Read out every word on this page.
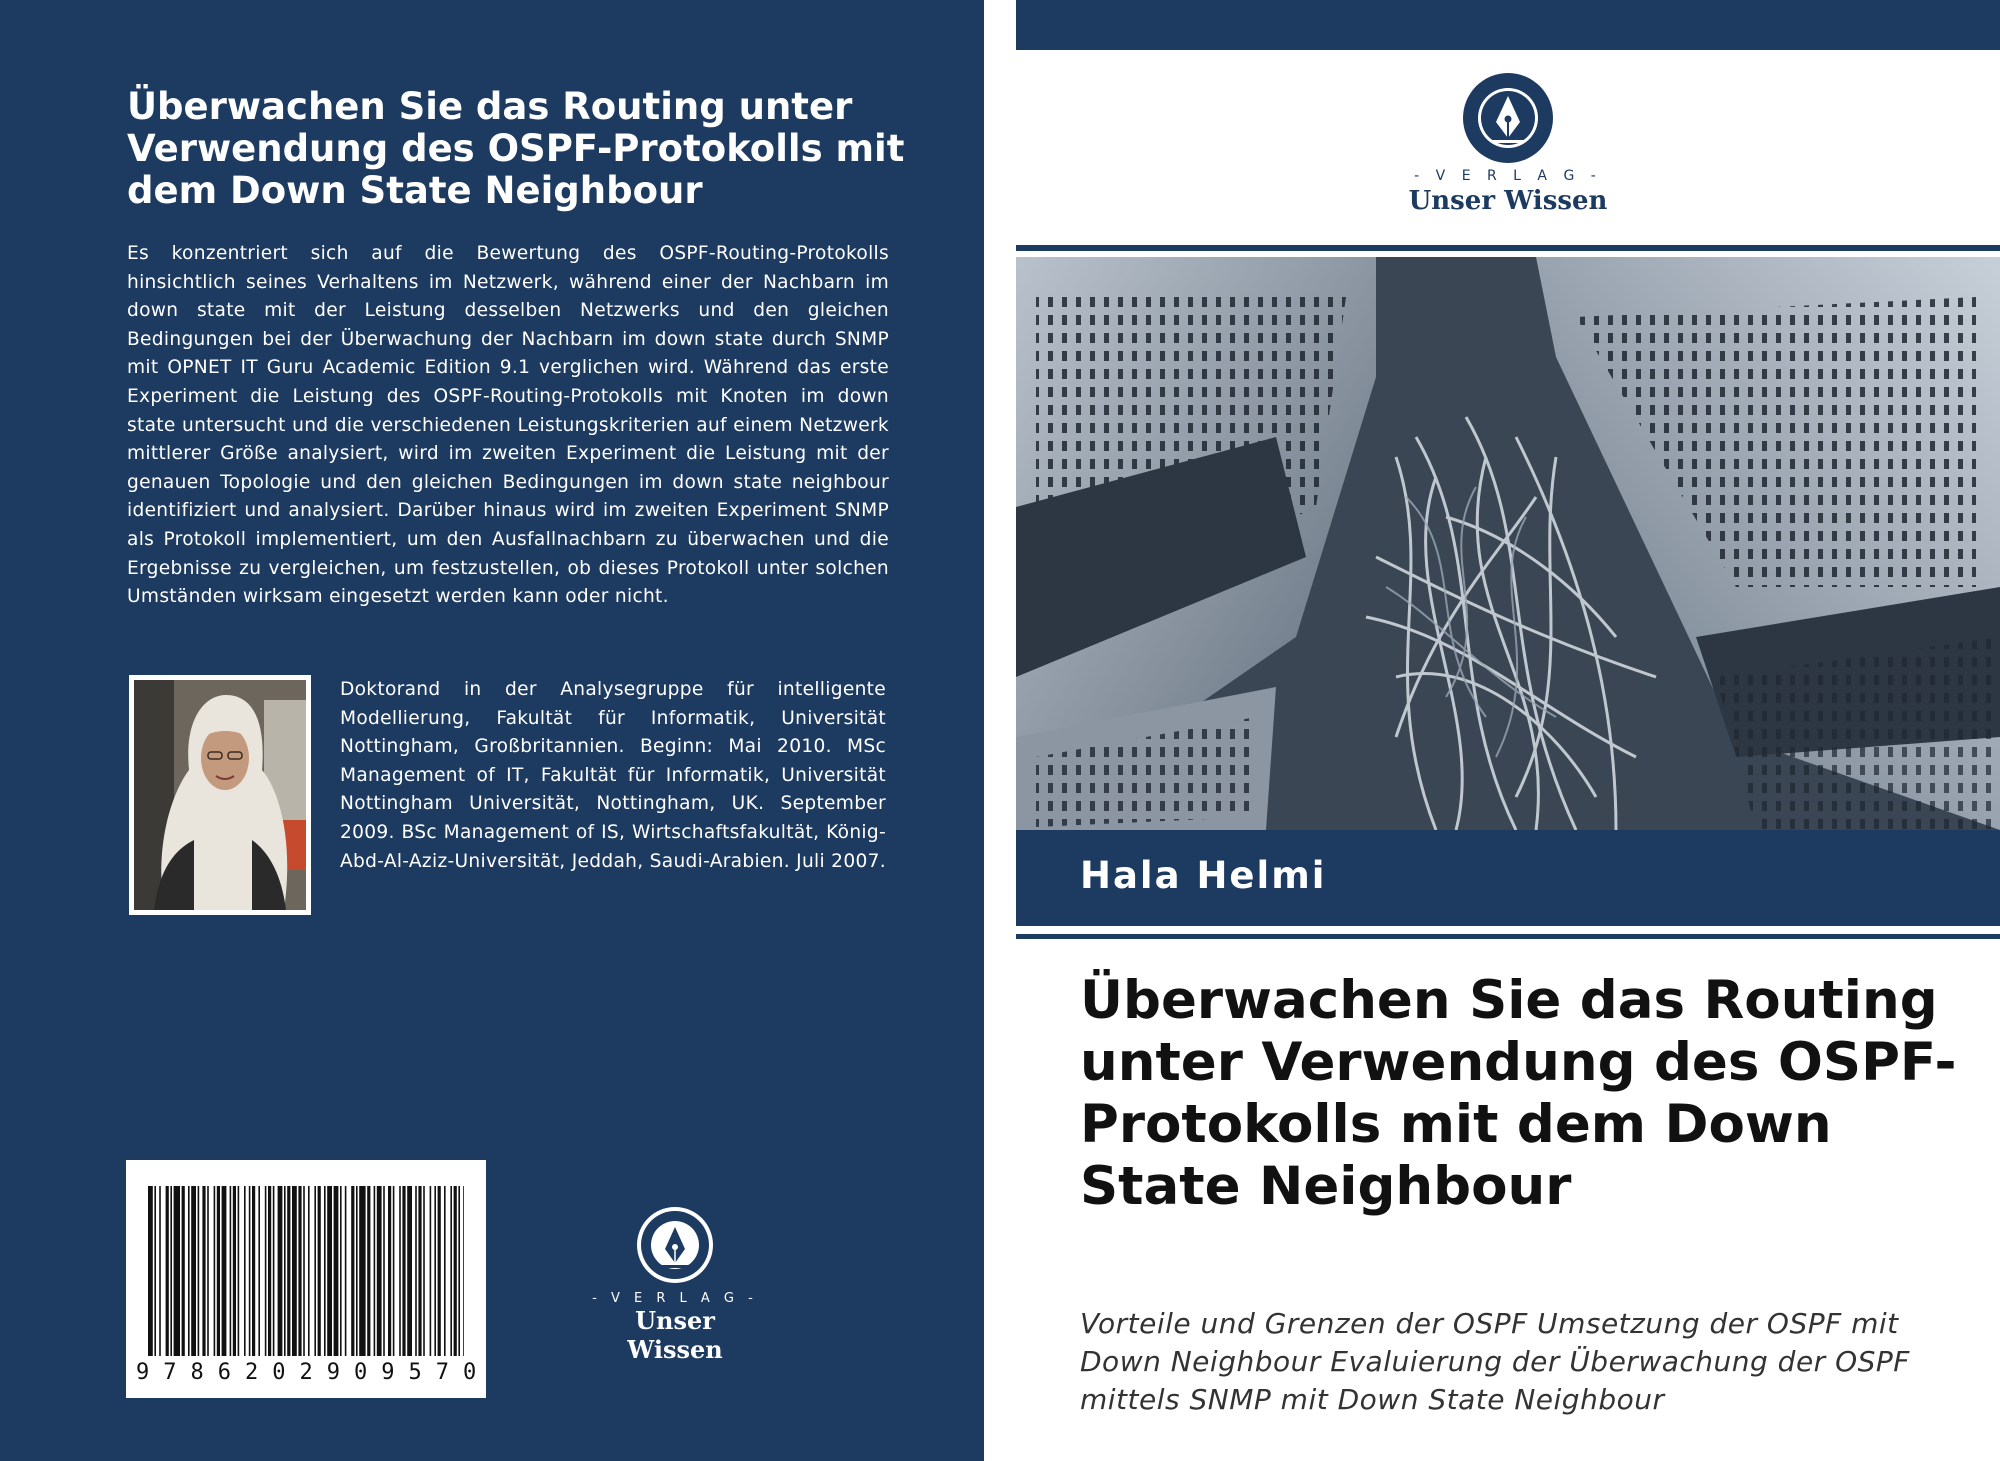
Überwachen Sie das Routing unter Verwendung des OSPF-Protokolls mit dem Down State Neighbour

Es konzentriert sich auf die Bewertung des OSPF-Routing-Protokolls hinsichtlich seines Verhaltens im Netzwerk, während einer der Nachbarn im down state mit der Leistung desselben Netzwerks und den gleichen Bedingungen bei der Überwachung der Nachbarn im down state durch SNMP mit OPNET IT Guru Academic Edition 9.1 verglichen wird. Während das erste Experiment die Leistung des OSPF-Routing-Protokolls mit Knoten im down state untersucht und die verschiedenen Leistungskriterien auf einem Netzwerk mittlerer Größe analysiert, wird im zweiten Experiment die Leistung mit der genauen Topologie und den gleichen Bedingungen im down state neighbour identifiziert und analysiert. Darüber hinaus wird im zweiten Experiment SNMP als Protokoll implementiert, um den Ausfallnachbarn zu überwachen und die Ergebnisse zu vergleichen, um festzustellen, ob dieses Protokoll unter solchen Umständen wirksam eingesetzt werden kann oder nicht.

Doktorand in der Analysegruppe für intelligente Modellierung, Fakultät für Informatik, Universität Nottingham, Großbritannien. Beginn: Mai 2010. MSc Management of IT, Fakultät für Informatik, Universität Nottingham Universität, Nottingham, UK. September 2009. BSc Management of IS, Wirtschaftsfakultät, König-Abd-Al-Aziz-Universität, Jeddah, Saudi-Arabien. Juli 2007.

9786202909570
- V E R L A G -
Unser Wissen
- V E R L A G -
Unser Wissen
Hala Helmi
Überwachen Sie das Routing unter Verwendung des OSPF-Protokolls mit dem Down State Neighbour

Vorteile und Grenzen der OSPF Umsetzung der OSPF mit Down Neighbour Evaluierung der Überwachung der OSPF mittels SNMP mit Down State Neighbour
